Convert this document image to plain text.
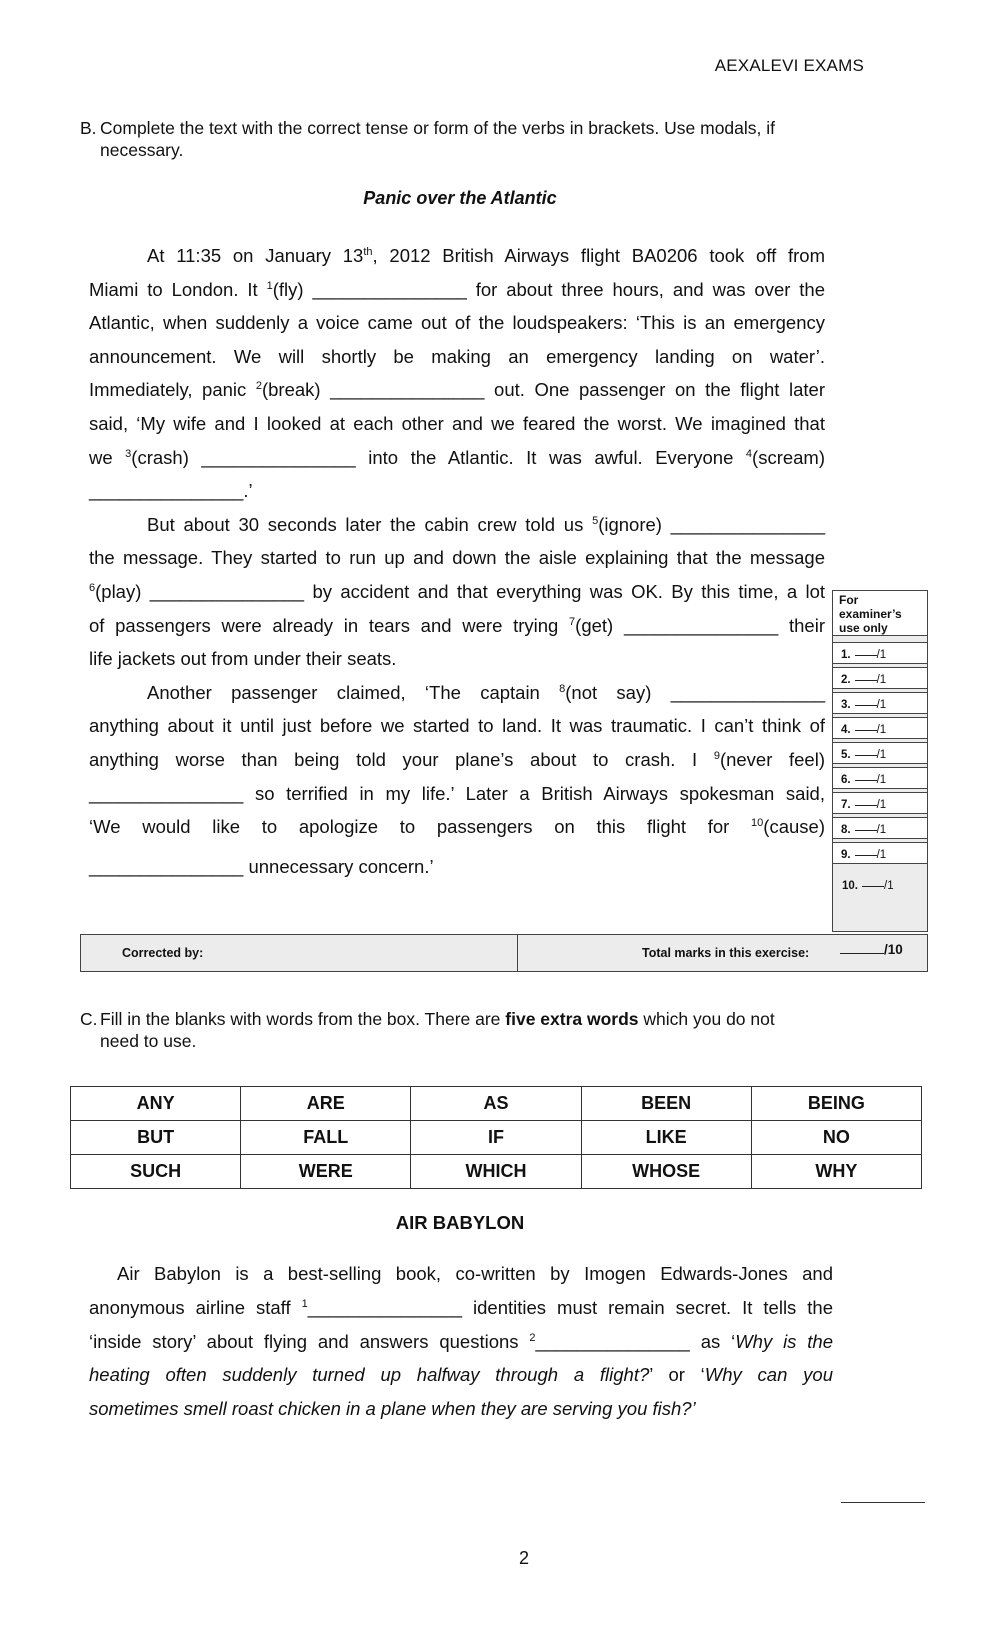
AEXALEVI EXAMS
B. Complete the text with the correct tense or form of the verbs in brackets. Use modals, if
necessary.
Panic over the Atlantic
At 11:35 on January 13th, 2012 British Airways flight BA0206 took off from
Miami to London. It $^1$(fly) _______________ for about three hours, and was over the
Atlantic, when suddenly a voice came out of the loudspeakers: ‘This is an emergency
announcement. We will shortly be making an emergency landing on water’.
Immediately, panic $^2$(break) _______________ out. One passenger on the flight later
said, ‘My wife and I looked at each other and we feared the worst. We imagined that
we $^3$(crash) _______________ into the Atlantic. It was awful. Everyone $^4$(scream)
_______________.’
But about 30 seconds later the cabin crew told us $^5$(ignore) _______________
the message. They started to run up and down the aisle explaining that the message
$^6$(play) _______________ by accident and that everything was OK. By this time, a lot
of passengers were already in tears and were trying $^7$(get) _______________ their
life jackets out from under their seats.
Another passenger claimed, ‘The captain $^8$(not say) _______________
anything about it until just before we started to land. It was traumatic. I can’t think of
anything worse than being told your plane’s about to crash. I $^9$(never feel)
_______________ so terrified in my life.’ Later a British Airways spokesman said,
‘We would like to apologize to passengers on this flight for $^{10}$(cause)
_______________ unnecessary concern.’
For
examiner’s
use only
1. /1
2. /1
3. /1
4. /1
5. /1
6. /1
7. /1
8. /1
9. /1
10. /1
Corrected by:	Total marks in this exercise:	/10
C. Fill in the blanks with words from the box. There are five extra words which you do not
need to use.
ANY	ARE	AS	BEEN	BEING
BUT	FALL	IF	LIKE	NO
SUCH	WERE	WHICH	WHOSE	WHY
AIR BABYLON
Air Babylon is a best-selling book, co-written by Imogen Edwards-Jones and
anonymous airline staff $^1$_______________ identities must remain secret. It tells the
‘inside story’ about flying and answers questions $^2$_______________ as ‘Why is the
heating often suddenly turned up halfway through a flight?’ or ‘Why can you
sometimes smell roast chicken in a plane when they are serving you fish?’
2
